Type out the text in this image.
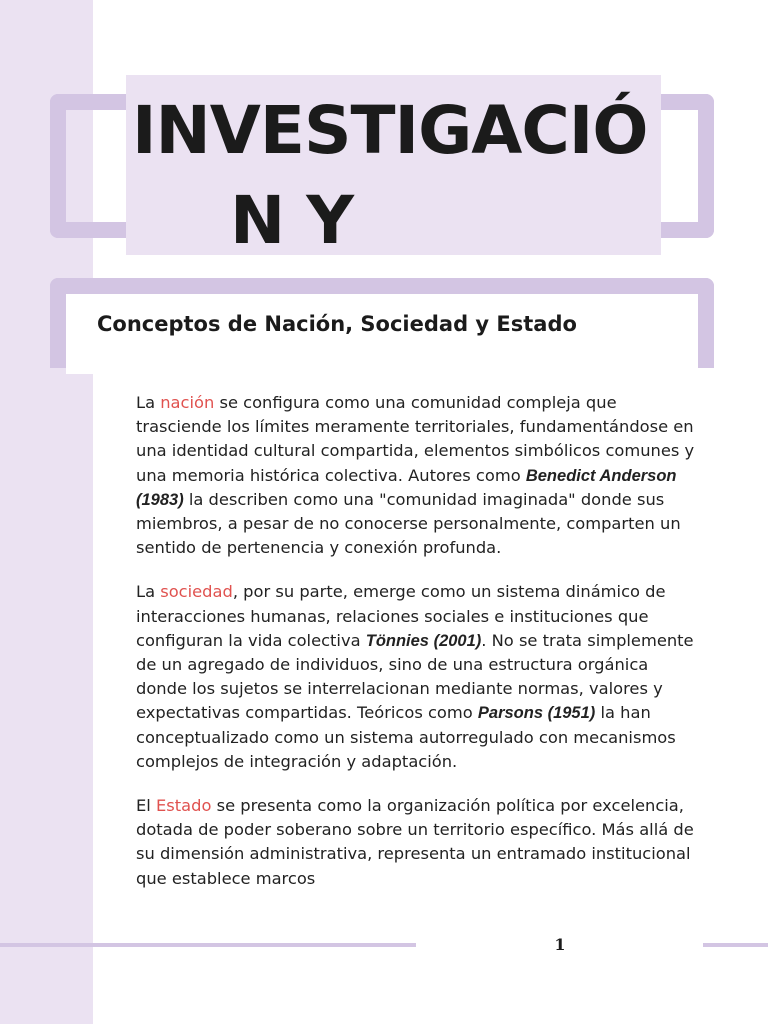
INVESTIGACIÓ
N Y
Conceptos de Nación, Sociedad y Estado

La nación se configura como una comunidad compleja que trasciende los límites meramente territoriales, fundamentándose en una identidad cultural compartida, elementos simbólicos comunes y una memoria histórica colectiva. Autores como Benedict Anderson (1983) la describen como una "comunidad imaginada" donde sus miembros, a pesar de no conocerse personalmente, comparten un sentido de pertenencia y conexión profunda.

La sociedad, por su parte, emerge como un sistema dinámico de interacciones humanas, relaciones sociales e instituciones que configuran la vida colectiva Tönnies (2001). No se trata simplemente de un agregado de individuos, sino de una estructura orgánica donde los sujetos se interrelacionan mediante normas, valores y expectativas compartidas. Teóricos como Parsons (1951) la han conceptualizado como un sistema autorregulado con mecanismos complejos de integración y adaptación.

El Estado se presenta como la organización política por excelencia, dotada de poder soberano sobre un territorio específico. Más allá de su dimensión administrativa, representa un entramado institucional que establece marcos

1
